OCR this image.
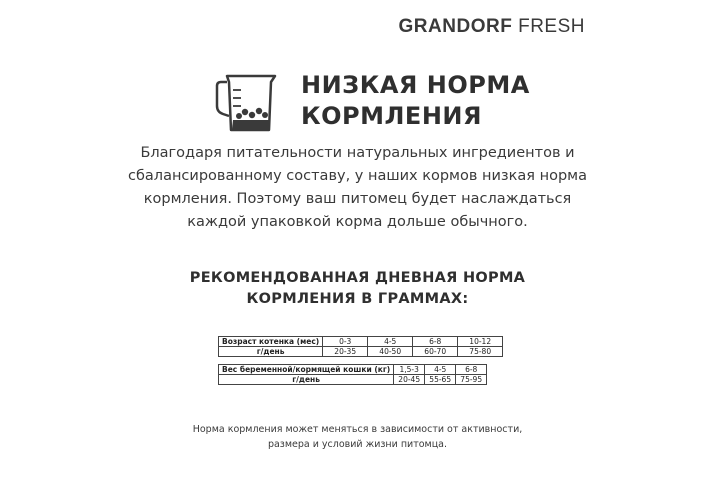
GRANDORF FRESH
НИЗКАЯ НОРМА
КОРМЛЕНИЯ
Благодаря питательности натуральных ингредиентов и
сбалансированному составу, у наших кормов низкая норма
кормления. Поэтому ваш питомец будет наслаждаться
каждой упаковкой корма дольше обычного.
РЕКОМЕНДОВАННАЯ ДНЕВНАЯ НОРМА
КОРМЛЕНИЯ В ГРАММАХ:
Возраст котенка (мес)	0-3	4-5	6-8	10-12
г/день	20-35	40-50	60-70	75-80
Вес беременной/кормящей кошки (кг)	1,5-3	4-5	6-8
г/день	20-45	55-65	75-95
Норма кормления может меняться в зависимости от активности,
размера и условий жизни питомца.
